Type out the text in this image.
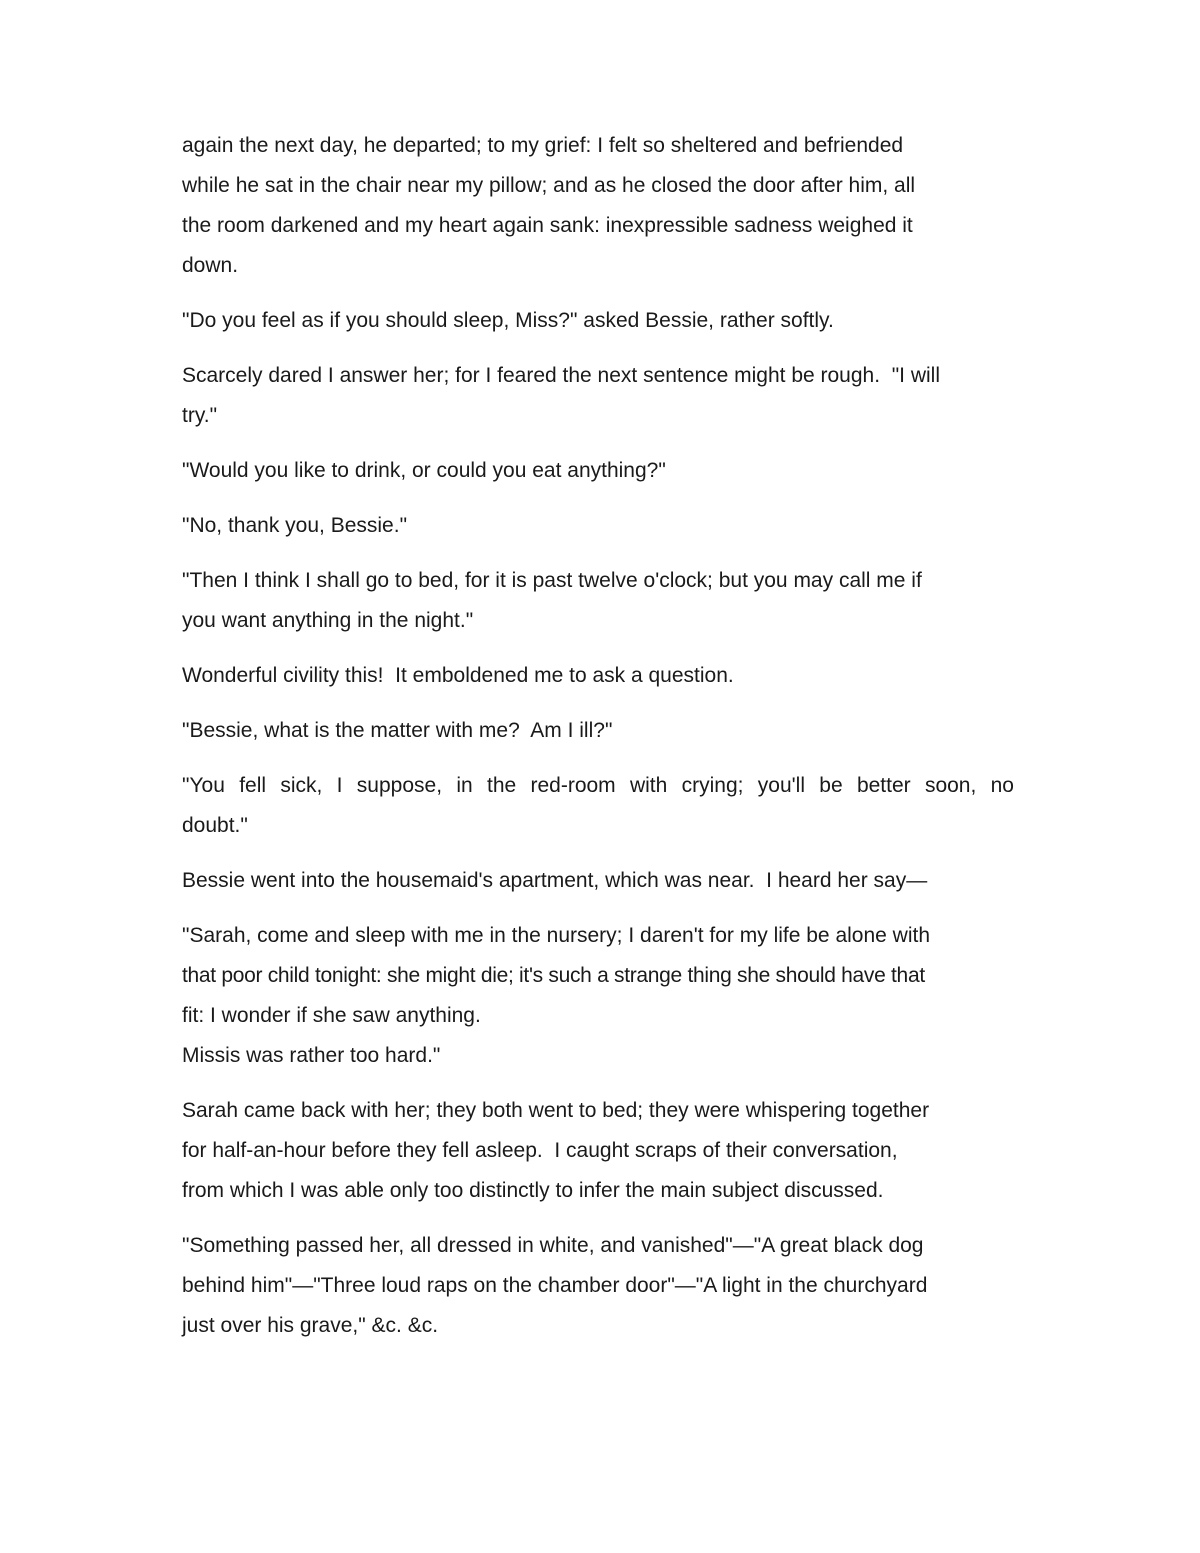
again the next day, he departed; to my grief: I felt so sheltered and befriended
while he sat in the chair near my pillow; and as he closed the door after him, all
the room darkened and my heart again sank: inexpressible sadness weighed it
down.

"Do you feel as if you should sleep, Miss?" asked Bessie, rather softly.

Scarcely dared I answer her; for I feared the next sentence might be rough.  "I will
try."

"Would you like to drink, or could you eat anything?"

"No, thank you, Bessie."

"Then I think I shall go to bed, for it is past twelve o'clock; but you may call me if
you want anything in the night."

Wonderful civility this!  It emboldened me to ask a question.

"Bessie, what is the matter with me?  Am I ill?"

"You fell sick, I suppose, in the red-room with crying; you'll be better soon, no
doubt."

Bessie went into the housemaid's apartment, which was near.  I heard her say—

"Sarah, come and sleep with me in the nursery; I daren't for my life be alone with
that poor child tonight: she might die; it's such a strange thing she should have that
fit: I wonder if she saw anything.
Missis was rather too hard."

Sarah came back with her; they both went to bed; they were whispering together
for half-an-hour before they fell asleep.  I caught scraps of their conversation,
from which I was able only too distinctly to infer the main subject discussed.

"Something passed her, all dressed in white, and vanished"—"A great black dog
behind him"—"Three loud raps on the chamber door"—"A light in the churchyard
just over his grave," &c. &c.
